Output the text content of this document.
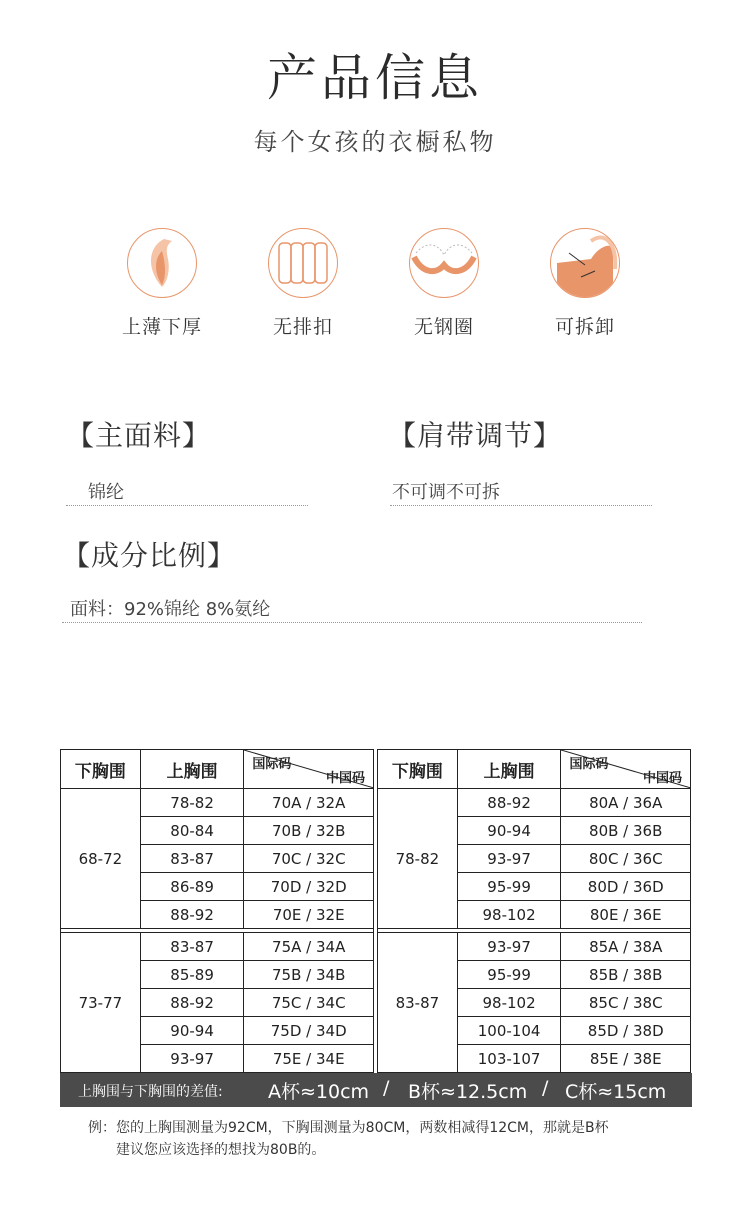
产品信息
每个女孩的衣橱私物
上薄下厚	无排扣	无钢圈	可拆卸
【主面料】
锦纶
【肩带调节】
不可调不可拆
【成分比例】
面料：92%锦纶 8%氨纶
下胸围	上胸围	国际码
中国码

68-72	78-82	70A / 32A
	80-84	70B / 32B
	83-87	70C / 32C
	86-89	70D / 32D
	88-92	70E / 32E

73-77	83-87	75A / 34A
	85-89	75B / 34B
	88-92	75C / 34C
	90-94	75D / 34D
	93-97	75E / 34E
下胸围	上胸围	国际码
中国码

78-82	88-92	80A / 36A
	90-94	80B / 36B
	93-97	80C / 36C
	95-99	80D / 36D
	98-102	80E / 36E

83-87	93-97	85A / 38A
	95-99	85B / 38B
	98-102	85C / 38C
	100-104	85D / 38D
	103-107	85E / 38E
上胸围与下胸围的差值: A杯≈10cm / B杯≈12.5cm / C杯≈15cm
例：您的上胸围测量为92CM，下胸围测量为80CM，两数相减得12CM，那就是B杯
建议您应该选择的想找为80B的。
